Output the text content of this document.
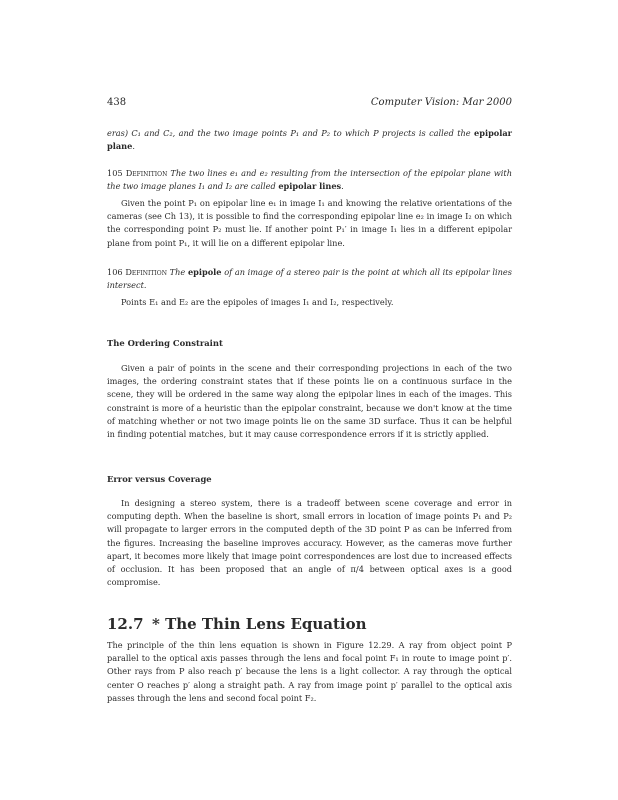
438	Computer Vision: Mar 2000

eras) C₁ and C₂, and the two image points P₁ and P₂ to which P projects is called the epipolar plane.

105 Definition The two lines e₁ and e₂ resulting from the intersection of the epipolar plane with the two image planes I₁ and I₂ are called epipolar lines.

Given the point P₁ on epipolar line e₁ in image I₁ and knowing the relative orientations of the cameras (see Ch 13), it is possible to find the corresponding epipolar line e₂ in image I₂ on which the corresponding point P₂ must lie. If another point P₁′ in image I₁ lies in a different epipolar plane from point P₁, it will lie on a different epipolar line.

106 Definition The epipole of an image of a stereo pair is the point at which all its epipolar lines intersect.

Points E₁ and E₂ are the epipoles of images I₁ and I₂, respectively.

The Ordering Constraint

Given a pair of points in the scene and their corresponding projections in each of the two images, the ordering constraint states that if these points lie on a continuous surface in the scene, they will be ordered in the same way along the epipolar lines in each of the images. This constraint is more of a heuristic than the epipolar constraint, because we don't know at the time of matching whether or not two image points lie on the same 3D surface. Thus it can be helpful in finding potential matches, but it may cause correspondence errors if it is strictly applied.

Error versus Coverage

In designing a stereo system, there is a tradeoff between scene coverage and error in computing depth. When the baseline is short, small errors in location of image points P₁ and P₂ will propagate to larger errors in the computed depth of the 3D point P as can be inferred from the figures. Increasing the baseline improves accuracy. However, as the cameras move further apart, it becomes more likely that image point correspondences are lost due to increased effects of occlusion. It has been proposed that an angle of π/4 between optical axes is a good compromise.

12.7 * The Thin Lens Equation

The principle of the thin lens equation is shown in Figure 12.29. A ray from object point P parallel to the optical axis passes through the lens and focal point F₁ in route to image point p′. Other rays from P also reach p′ because the lens is a light collector. A ray through the optical center O reaches p′ along a straight path. A ray from image point p′ parallel to the optical axis passes through the lens and second focal point F₂.
